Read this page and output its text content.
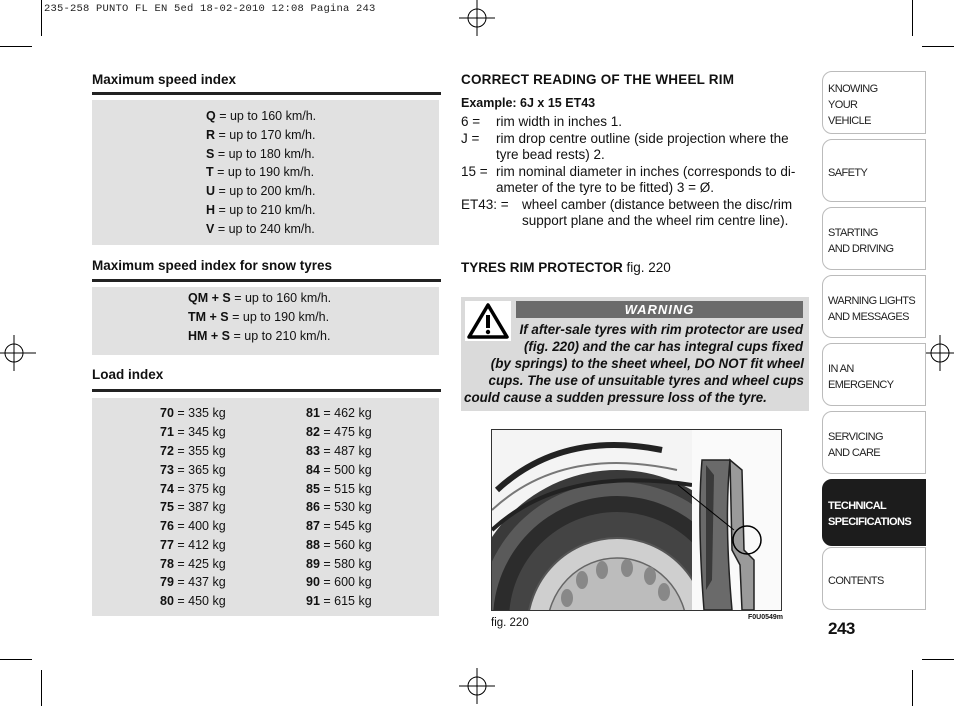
235-258 PUNTO FL EN 5ed 18-02-2010 12:08 Pagina 243
Maximum speed index
Q = up to 160 km/h.
R = up to 170 km/h.
S = up to 180 km/h.
T = up to 190 km/h.
U = up to 200 km/h.
H = up to 210 km/h.
V = up to 240 km/h.
Maximum speed index for snow tyres
QM + S = up to 160 km/h.
TM + S = up to 190 km/h.
HM + S = up to 210 km/h.
Load index
70 = 335 kg
71 = 345 kg
72 = 355 kg
73 = 365 kg
74 = 375 kg
75 = 387 kg
76 = 400 kg
77 = 412 kg
78 = 425 kg
79 = 437 kg
80 = 450 kg
81 = 462 kg
82 = 475 kg
83 = 487 kg
84 = 500 kg
85 = 515 kg
86 = 530 kg
87 = 545 kg
88 = 560 kg
89 = 580 kg
90 = 600 kg
91 = 615 kg
CORRECT READING OF THE WHEEL RIM
Example: 6J x 15 ET43
6 = rim width in inches 1.
J = rim drop centre outline (side projection where the
tyre bead rests) 2.
15 = rim nominal diameter in inches (corresponds to di-
ameter of the tyre to be fitted) 3 = Ø.
ET43: = wheel camber (distance between the disc/rim
support plane and the wheel rim centre line).
TYRES RIM PROTECTOR fig. 220
WARNING
If after-sale tyres with rim protector are used
(fig. 220) and the car has integral cups fixed
(by springs) to the sheet wheel, DO NOT fit wheel
cups. The use of unsuitable tyres and wheel cups
could cause a sudden pressure loss of the tyre.
fig. 220	F0U0549m
KNOWING
YOUR
VEHICLE
SAFETY
STARTING
AND DRIVING
WARNING LIGHTS
AND MESSAGES
IN AN
EMERGENCY
SERVICING
AND CARE
TECHNICAL
SPECIFICATIONS
CONTENTS
243
